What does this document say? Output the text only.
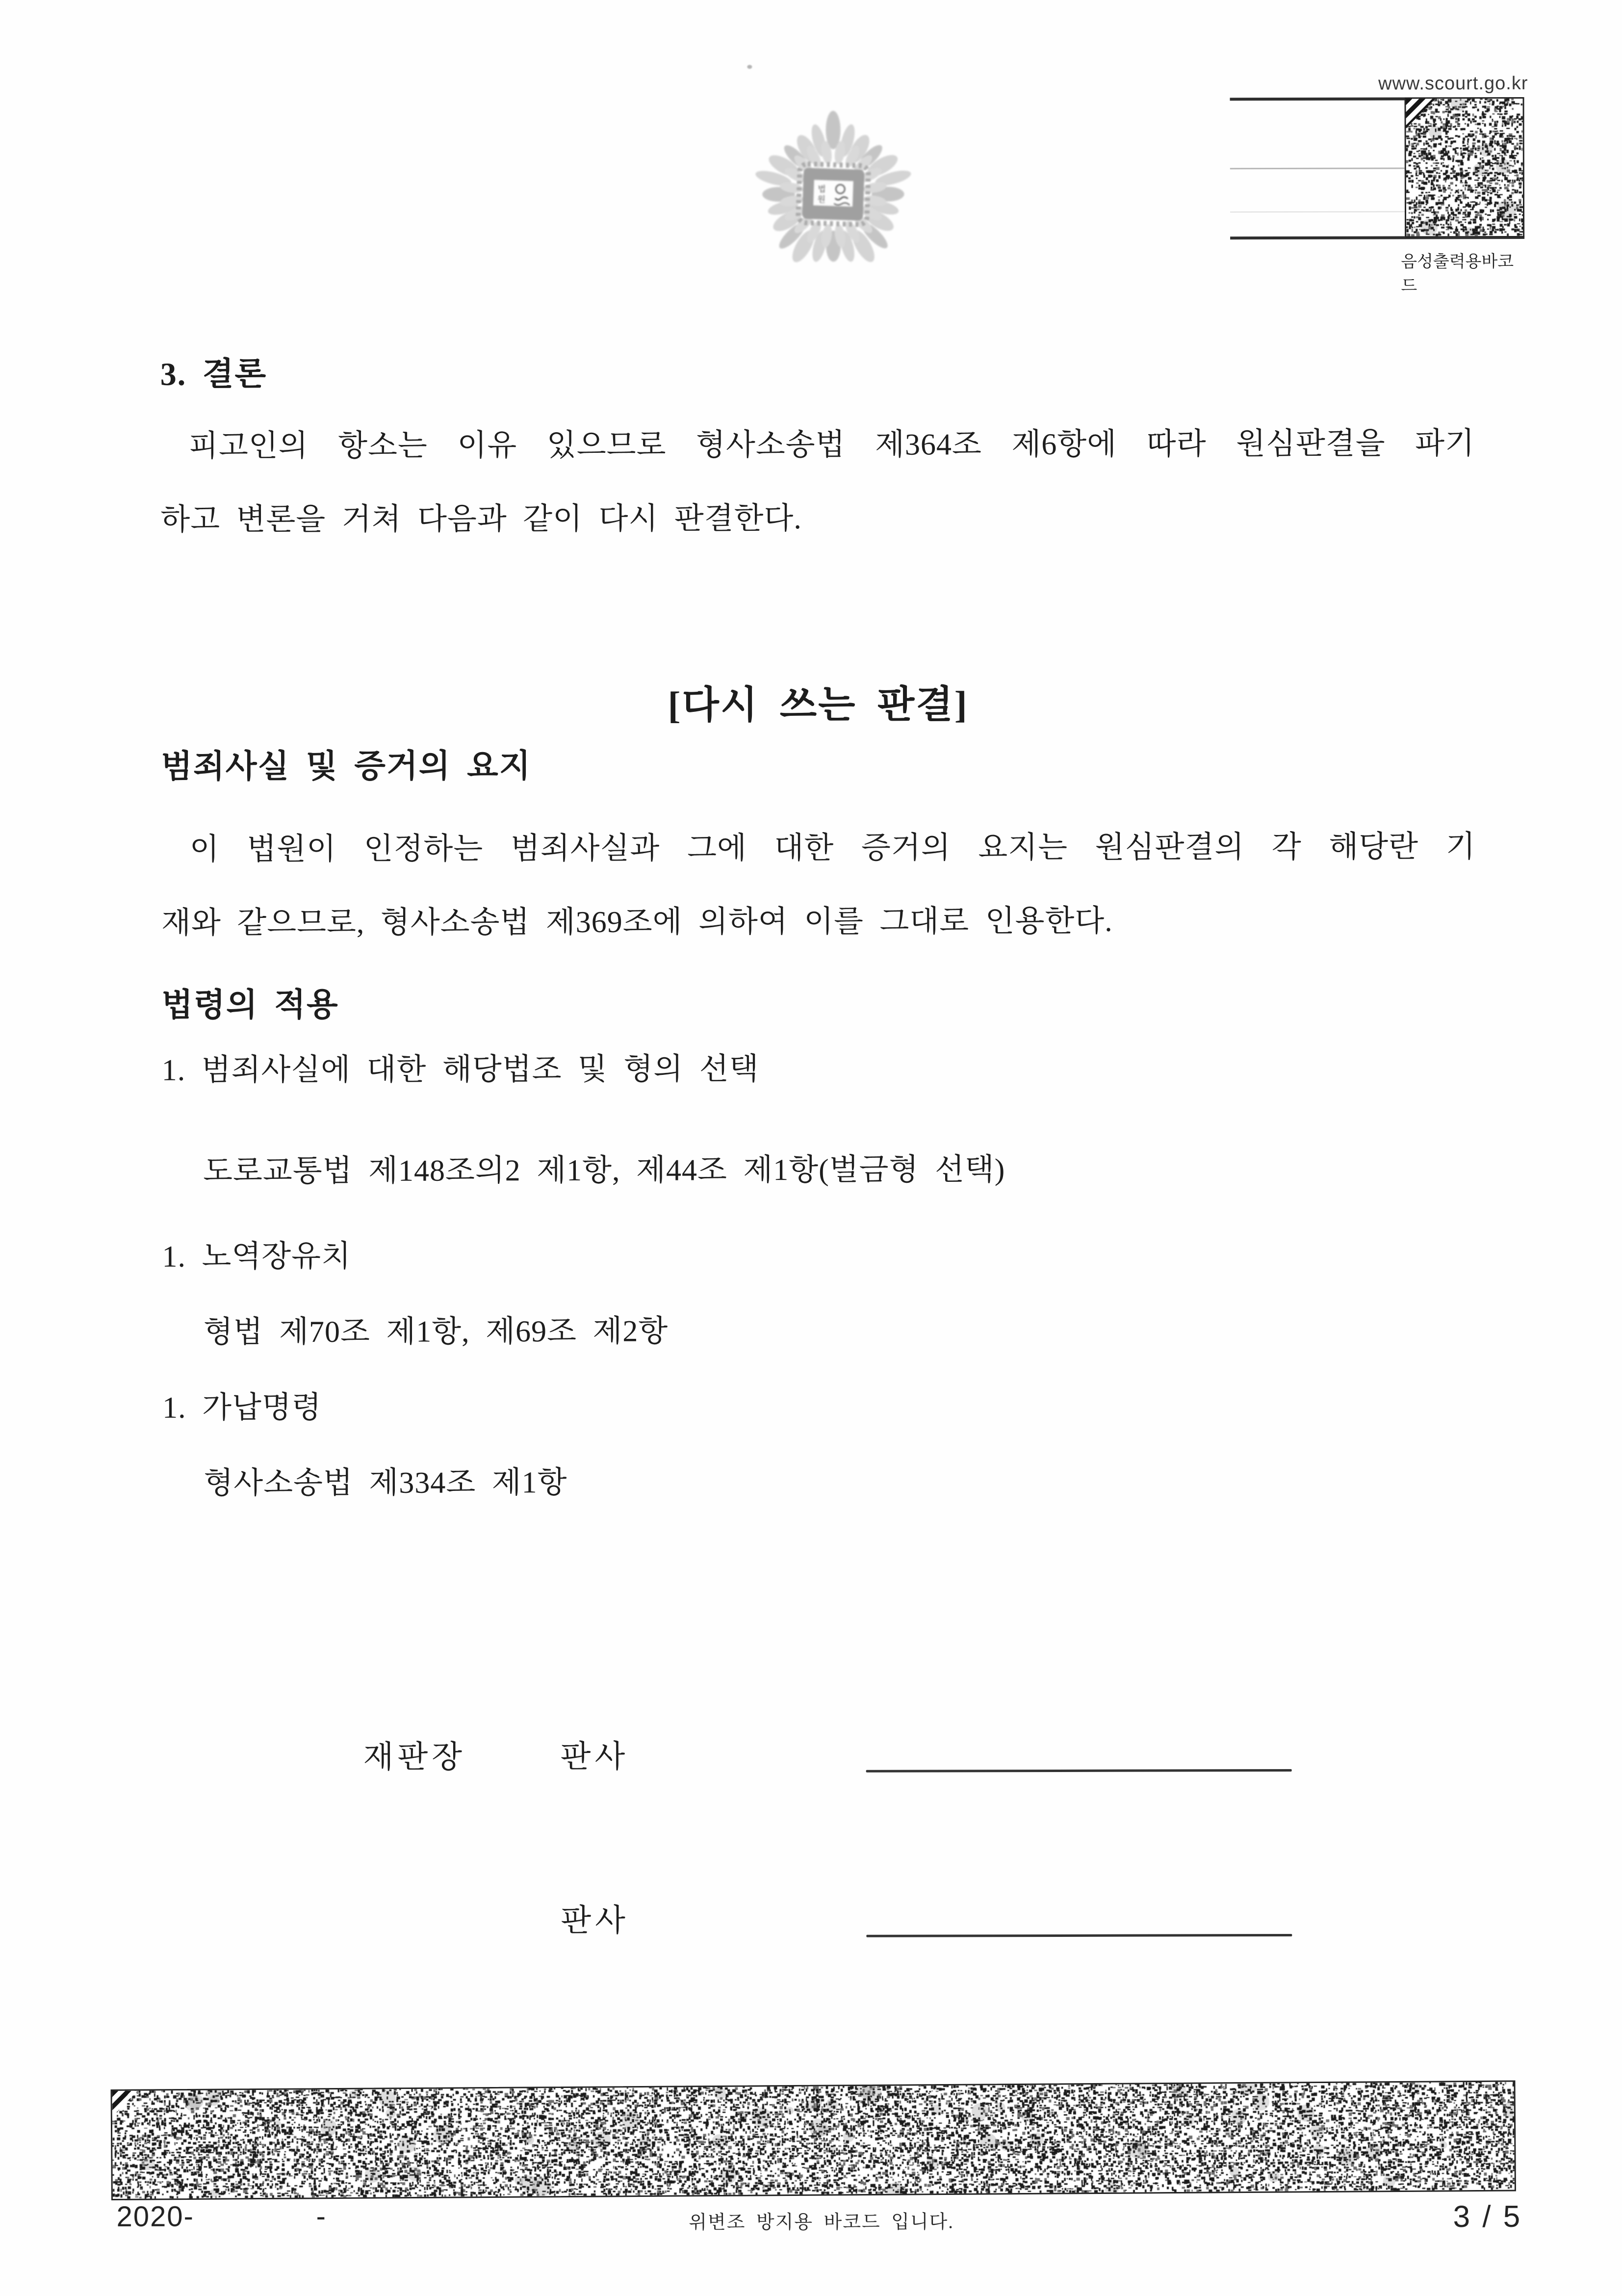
www.scourt.go.kr
음성출력용바코드
법
원
3. 결론
피고인의 항소는 이유 있으므로 형사소송법 제364조 제6항에 따라 원심판결을 파기
하고 변론을 거쳐 다음과 같이 다시 판결한다.
[다시 쓰는 판결]
범죄사실 및 증거의 요지
이 법원이 인정하는 범죄사실과 그에 대한 증거의 요지는 원심판결의 각 해당란 기
재와 같으므로, 형사소송법 제369조에 의하여 이를 그대로 인용한다.
법령의 적용
1. 범죄사실에 대한 해당법조 및 형의 선택
도로교통법 제148조의2 제1항, 제44조 제1항(벌금형 선택)
1. 노역장유치
형법 제70조 제1항, 제69조 제2항
1. 가납명령
형사소송법 제334조 제1항
재판장	판사
판사
2020-	-	위변조 방지용 바코드 입니다.	3 / 5
